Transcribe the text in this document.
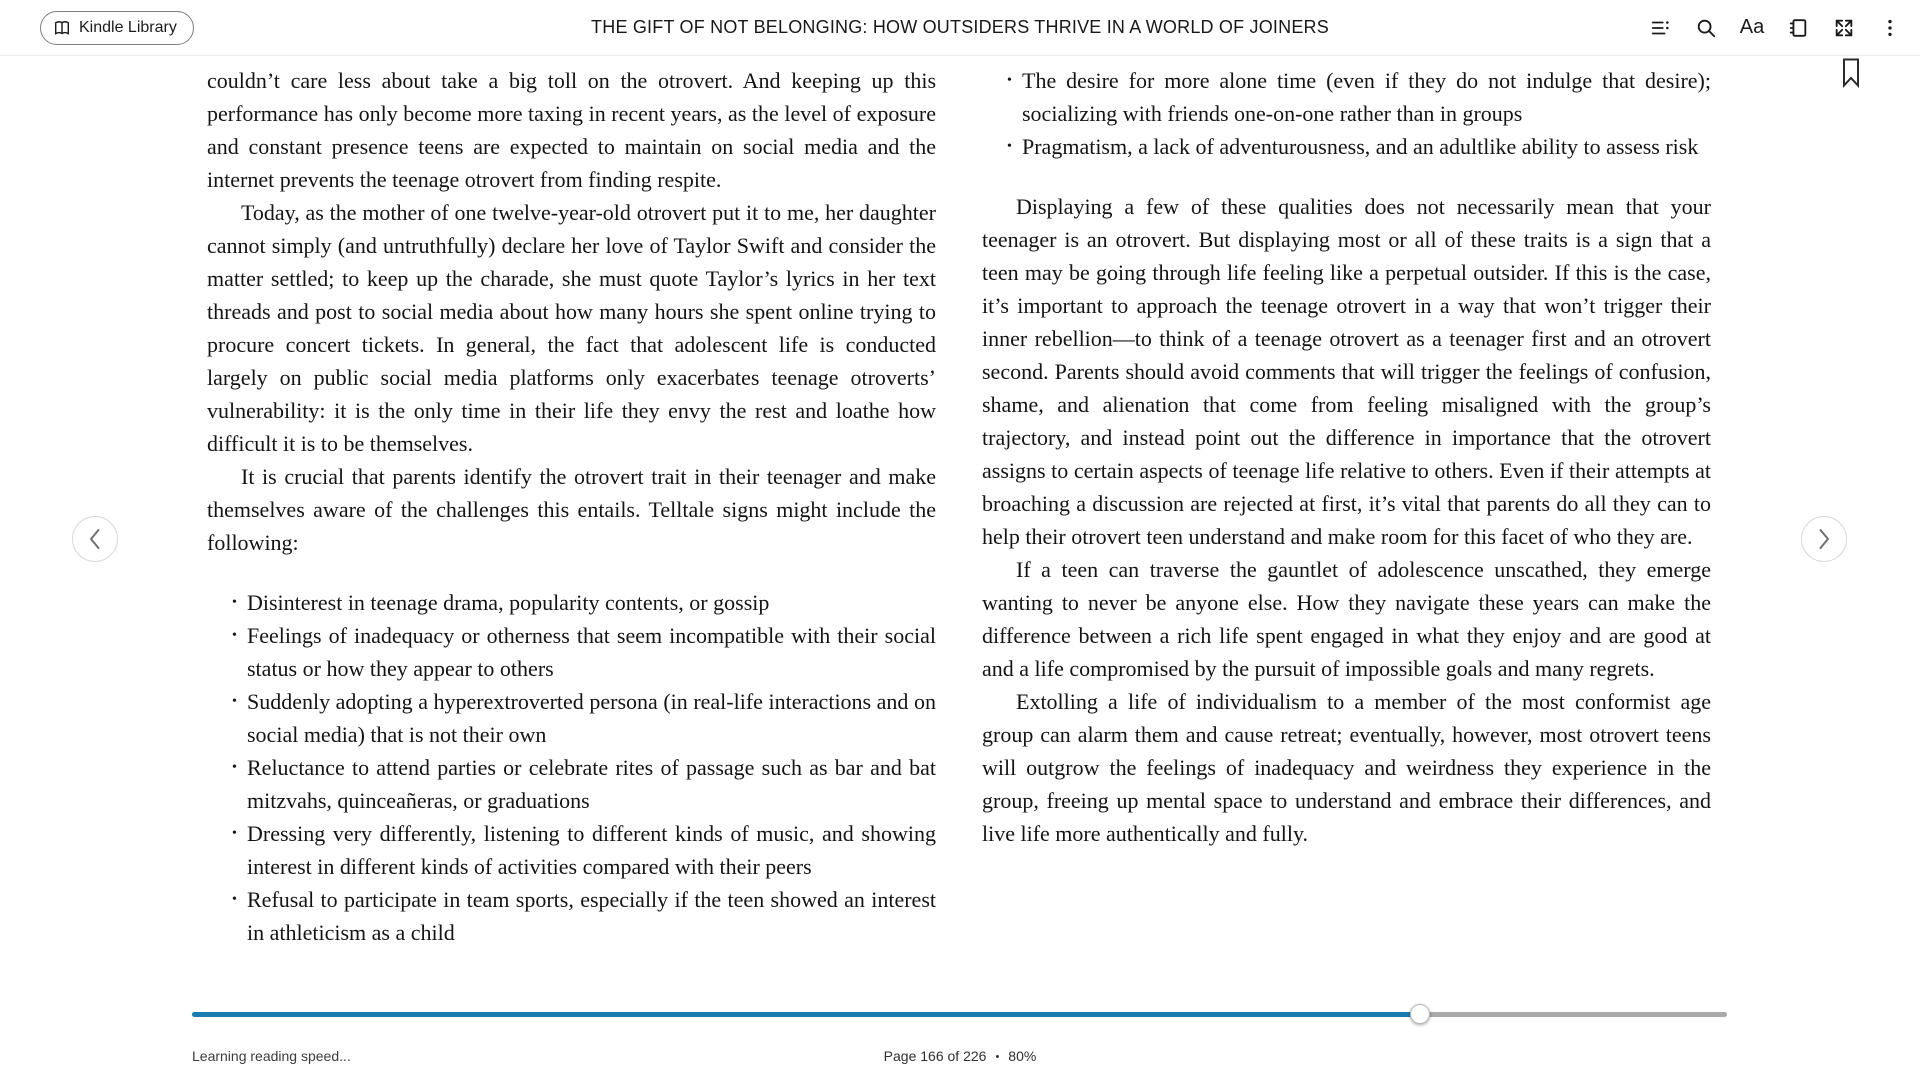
Kindle Library	THE GIFT OF NOT BELONGING: HOW OUTSIDERS THRIVE IN A WORLD OF JOINERS	Aa

couldn’t care less about take a big toll on the otrovert. And keeping up this performance has only become more taxing in recent years, as the level of exposure and constant presence teens are expected to maintain on social media and the internet prevents the teenage otrovert from finding respite.

Today, as the mother of one twelve-year-old otrovert put it to me, her daughter cannot simply (and untruthfully) declare her love of Taylor Swift and consider the matter settled; to keep up the charade, she must quote Taylor’s lyrics in her text threads and post to social media about how many hours she spent online trying to procure concert tickets. In general, the fact that adolescent life is conducted largely on public social media platforms only exacerbates teenage otroverts’ vulnerability: it is the only time in their life they envy the rest and loathe how difficult it is to be themselves.

It is crucial that parents identify the otrovert trait in their teenager and make themselves aware of the challenges this entails. Telltale signs might include the following:

• Disinterest in teenage drama, popularity contents, or gossip
• Feelings of inadequacy or otherness that seem incompatible with their social status or how they appear to others
• Suddenly adopting a hyperextroverted persona (in real-life interactions and on social media) that is not their own
• Reluctance to attend parties or celebrate rites of passage such as bar and bat mitzvahs, quinceañeras, or graduations
• Dressing very differently, listening to different kinds of music, and showing interest in different kinds of activities compared with their peers
• Refusal to participate in team sports, especially if the teen showed an interest in athleticism as a child
• The desire for more alone time (even if they do not indulge that desire); socializing with friends one-on-one rather than in groups
• Pragmatism, a lack of adventurousness, and an adultlike ability to assess risk

Displaying a few of these qualities does not necessarily mean that your teenager is an otrovert. But displaying most or all of these traits is a sign that a teen may be going through life feeling like a perpetual outsider. If this is the case, it’s important to approach the teenage otrovert in a way that won’t trigger their inner rebellion—to think of a teenage otrovert as a teenager first and an otrovert second. Parents should avoid comments that will trigger the feelings of confusion, shame, and alienation that come from feeling misaligned with the group’s trajectory, and instead point out the difference in importance that the otrovert assigns to certain aspects of teenage life relative to others. Even if their attempts at broaching a discussion are rejected at first, it’s vital that parents do all they can to help their otrovert teen understand and make room for this facet of who they are.

If a teen can traverse the gauntlet of adolescence unscathed, they emerge wanting to never be anyone else. How they navigate these years can make the difference between a rich life spent engaged in what they enjoy and are good at and a life compromised by the pursuit of impossible goals and many regrets.

Extolling a life of individualism to a member of the most conformist age group can alarm them and cause retreat; eventually, however, most otrovert teens will outgrow the feelings of inadequacy and weirdness they experience in the group, freeing up mental space to understand and embrace their differences, and live life more authentically and fully.

Learning reading speed...	Page 166 of 226 • 80%
